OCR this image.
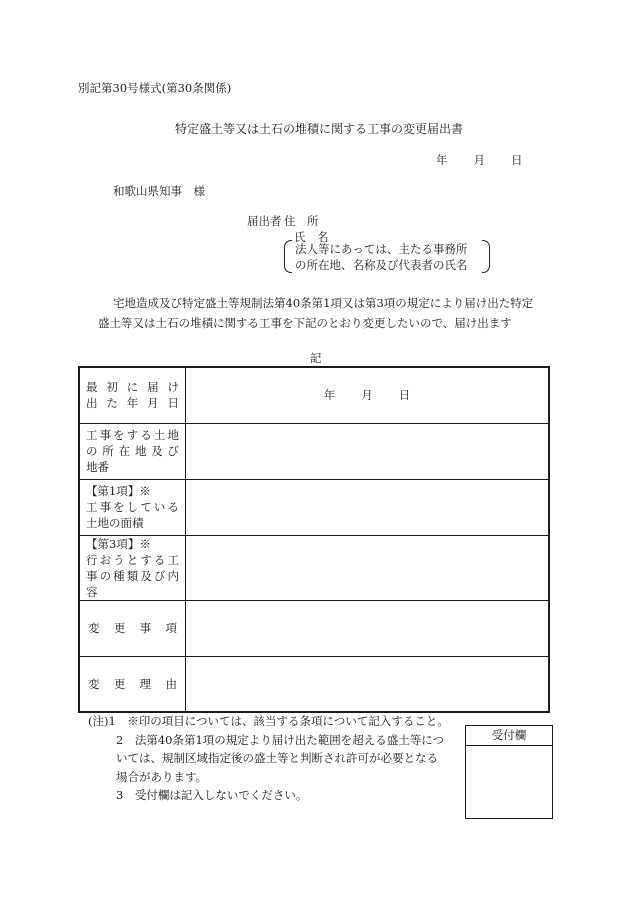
別記第30号様式(第30条関係)
特定盛土等又は土石の堆積に関する工事の変更届出書
年 月 日
和歌山県知事　様
届出者 住　所
氏　名
法人等にあっては、主たる事務所
の所在地、名称及び代表者の氏名
宅地造成及び特定盛土等規制法第40条第1項又は第3項の規定により届け出た特定
盛土等又は土石の堆積に関する工事を下記のとおり変更したいので、届け出ます
記
最初に届け
出た年月日	年 月 日

工事をする土地
の所在地及び
地番	

【第1項】※
工事をしている
土地の面積	

【第3項】※
行おうとする工
事の種類及び内
容	

変更事項	

変更理由	

(注)1　※印の項目については、該当する条項について記入すること。
2　法第40条第1項の規定より届け出た範囲を超える盛土等につ
いては、規制区域指定後の盛土等と判断され許可が必要となる
場合があります。
3　受付欄は記入しないでください。
受付欄
